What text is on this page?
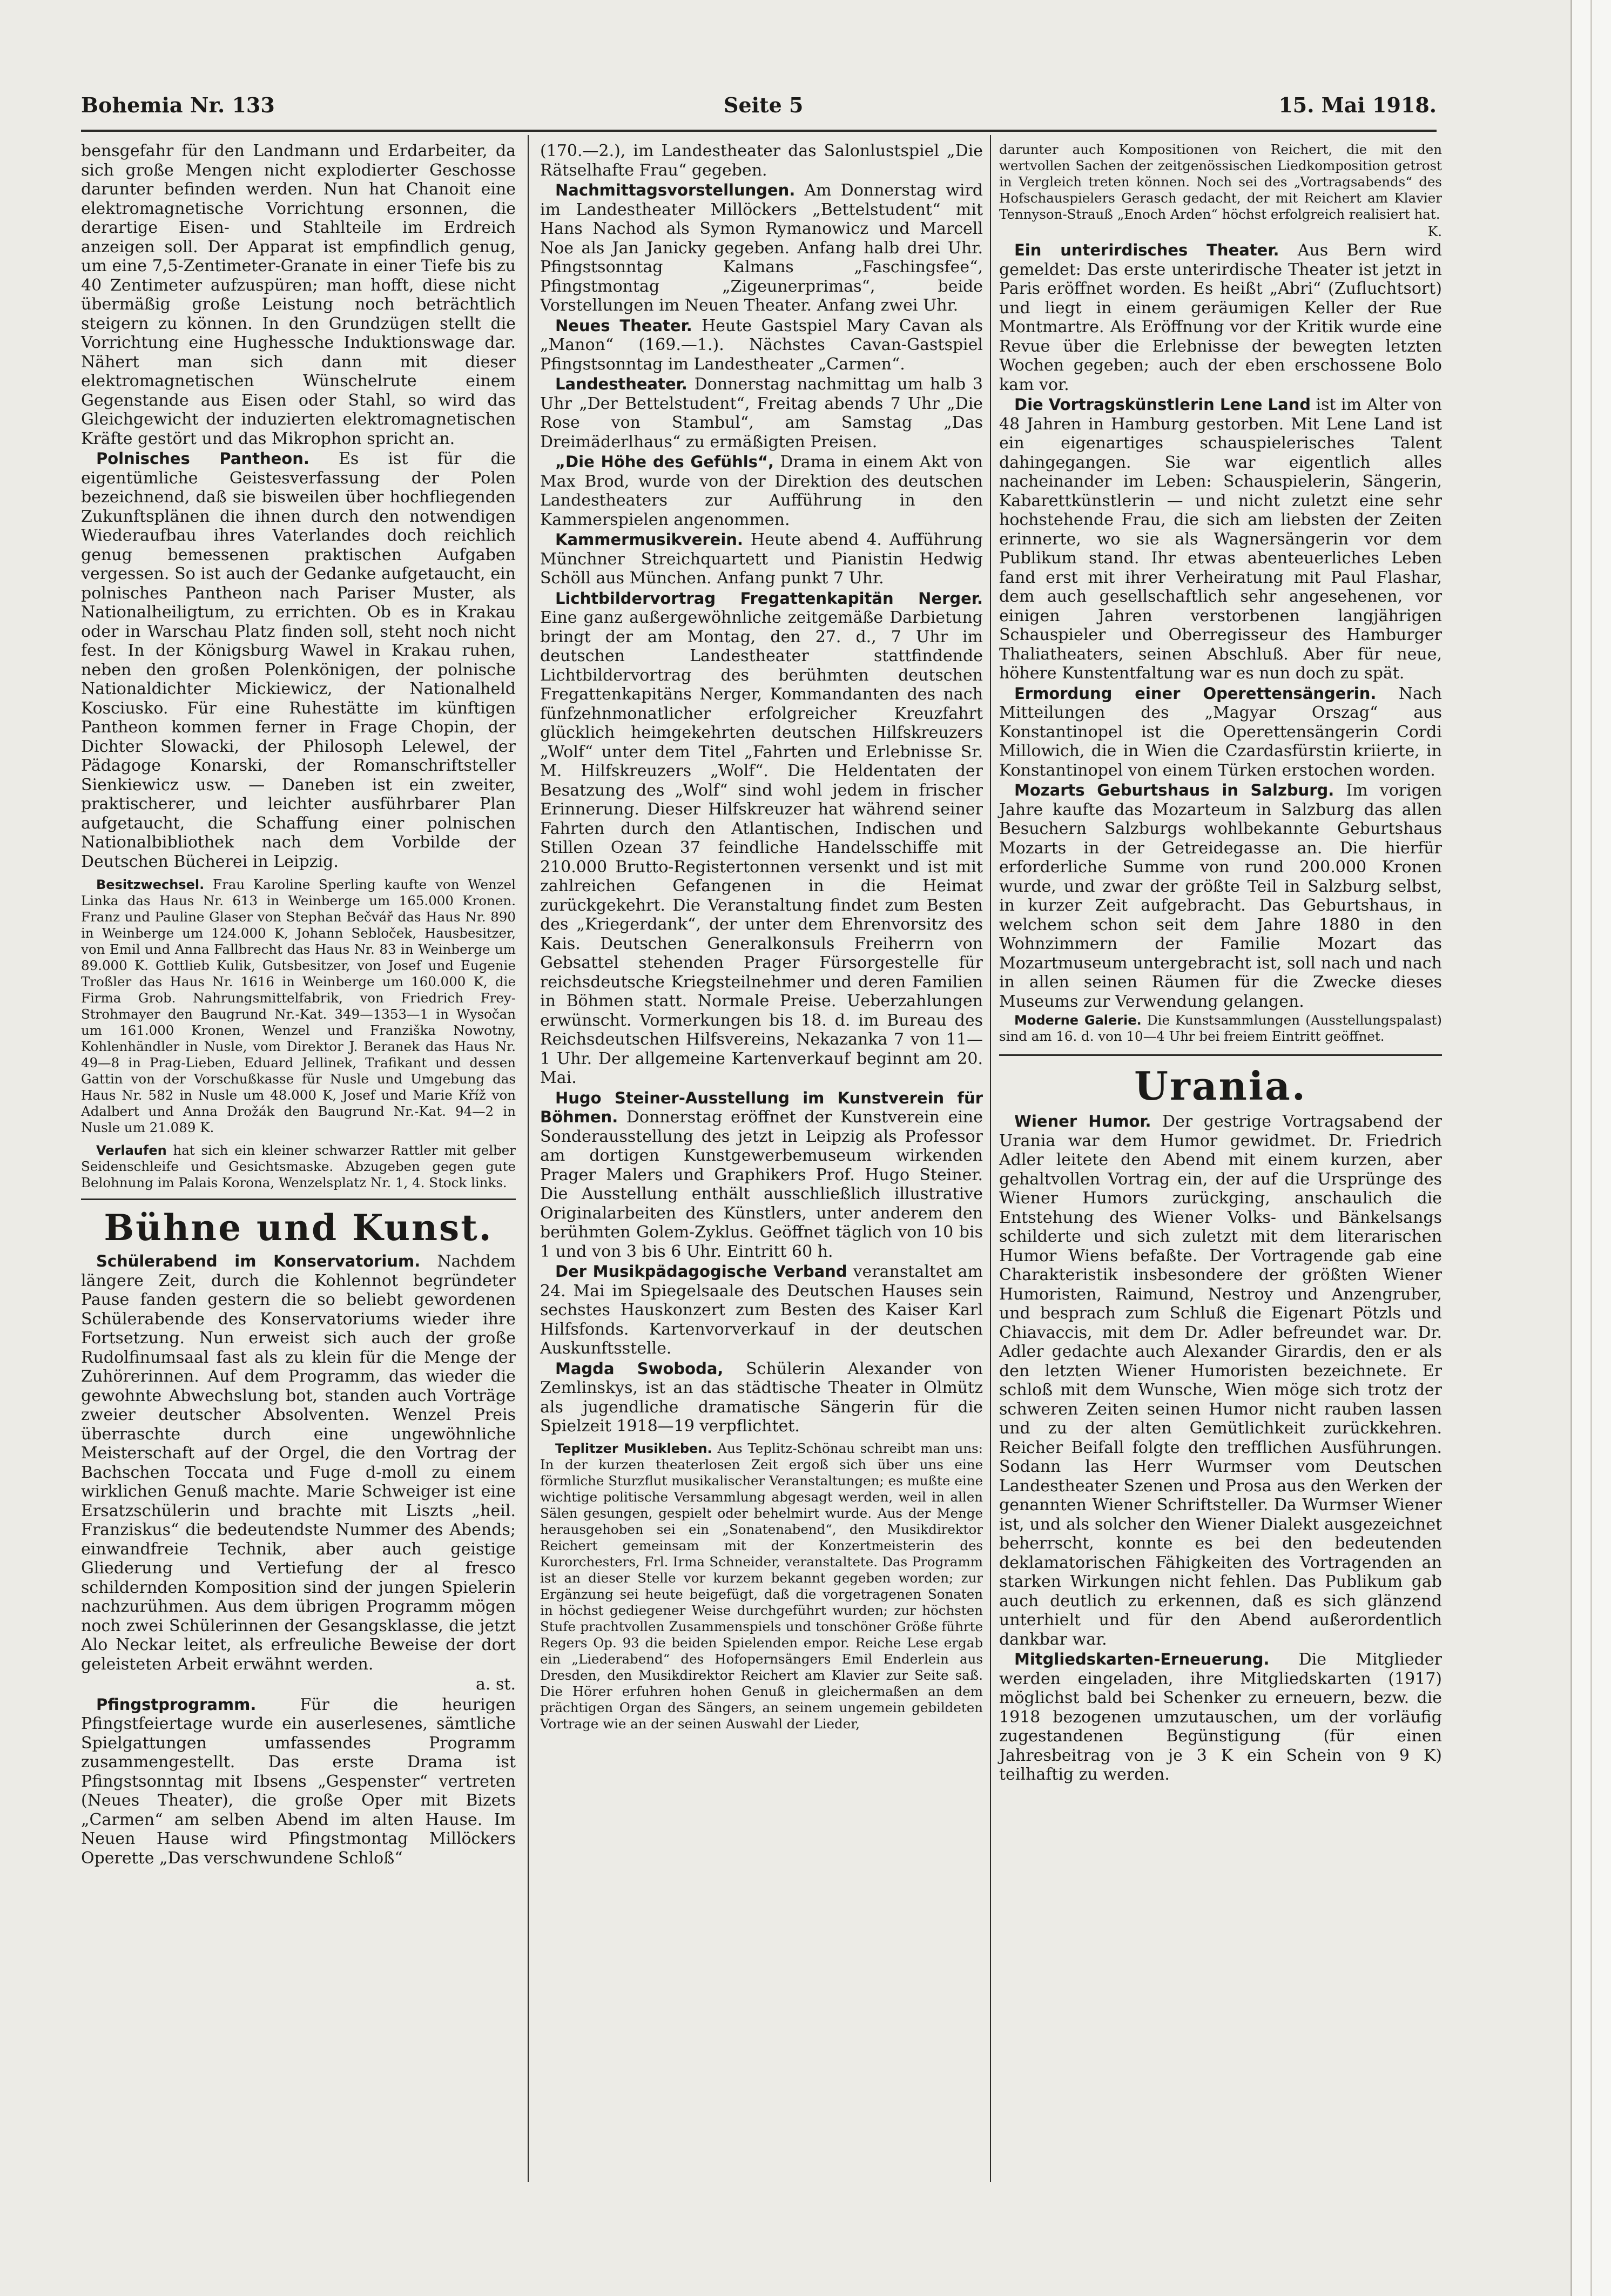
Bohemia Nr. 133	Seite 5	15. Mai 1918.

bensgefahr für den Landmann und Erdarbeiter, da sich große Mengen nicht explodierter Geschosse darunter befinden werden. Nun hat Chanoit eine elektromagnetische Vorrichtung ersonnen, die derartige Eisen- und Stahlteile im Erdreich anzeigen soll. Der Apparat ist empfindlich genug, um eine 7,5-Zentimeter-Granate in einer Tiefe bis zu 40 Zentimeter aufzuspüren; man hofft, diese nicht übermäßig große Leistung noch beträchtlich steigern zu können. In den Grundzügen stellt die Vorrichtung eine Hughessche Induktionswage dar. Nähert man sich dann mit dieser elektromagnetischen Wünschelrute einem Gegenstande aus Eisen oder Stahl, so wird das Gleichgewicht der induzierten elektromagnetischen Kräfte gestört und das Mikrophon spricht an.

Polnisches Pantheon. Es ist für die eigentümliche Geistesverfassung der Polen bezeichnend, daß sie bisweilen über hochfliegenden Zukunftsplänen die ihnen durch den notwendigen Wiederaufbau ihres Vaterlandes doch reichlich genug bemessenen praktischen Aufgaben vergessen. So ist auch der Gedanke aufgetaucht, ein polnisches Pantheon nach Pariser Muster, als Nationalheiligtum, zu errichten. Ob es in Krakau oder in Warschau Platz finden soll, steht noch nicht fest. In der Königsburg Wawel in Krakau ruhen, neben den großen Polenkönigen, der polnische Nationaldichter Mickiewicz, der Nationalheld Kosciusko. Für eine Ruhestätte im künftigen Pantheon kommen ferner in Frage Chopin, der Dichter Slowacki, der Philosoph Lelewel, der Pädagoge Konarski, der Romanschriftsteller Sienkiewicz usw. — Daneben ist ein zweiter, praktischerer, und leichter ausführbarer Plan aufgetaucht, die Schaffung einer polnischen Nationalbibliothek nach dem Vorbilde der Deutschen Bücherei in Leipzig.

Besitzwechsel. Frau Karoline Sperling kaufte von Wenzel Linka das Haus Nr. 613 in Weinberge um 165.000 Kronen. Franz und Pauline Glaser von Stephan Bečvář das Haus Nr. 890 in Weinberge um 124.000 K, Johann Sebloček, Hausbesitzer, von Emil und Anna Fallbrecht das Haus Nr. 83 in Weinberge um 89.000 K. Gottlieb Kulik, Gutsbesitzer, von Josef und Eugenie Troßler das Haus Nr. 1616 in Weinberge um 160.000 K, die Firma Grob. Nahrungsmittelfabrik, von Friedrich Frey-Strohmayer den Baugrund Nr.-Kat. 349—1353—1 in Wysočan um 161.000 Kronen, Wenzel und Franziška Nowotny, Kohlenhändler in Nusle, vom Direktor J. Beranek das Haus Nr. 49—8 in Prag-Lieben, Eduard Jellinek, Trafikant und dessen Gattin von der Vorschußkasse für Nusle und Umgebung das Haus Nr. 582 in Nusle um 48.000 K, Josef und Marie Kříž von Adalbert und Anna Drožák den Baugrund Nr.-Kat. 94—2 in Nusle um 21.089 K.

Verlaufen hat sich ein kleiner schwarzer Rattler mit gelber Seidenschleife und Gesichtsmaske. Abzugeben gegen gute Belohnung im Palais Korona, Wenzelsplatz Nr. 1, 4. Stock links.

Bühne und Kunst.

Schülerabend im Konservatorium. Nachdem längere Zeit, durch die Kohlennot begründeter Pause fanden gestern die so beliebt gewordenen Schülerabende des Konservatoriums wieder ihre Fortsetzung. Nun erweist sich auch der große Rudolfinumsaal fast als zu klein für die Menge der Zuhörerinnen. Auf dem Programm, das wieder die gewohnte Abwechslung bot, standen auch Vorträge zweier deutscher Absolventen. Wenzel Preis überraschte durch eine ungewöhnliche Meisterschaft auf der Orgel, die den Vortrag der Bachschen Toccata und Fuge d-moll zu einem wirklichen Genuß machte. Marie Schweiger ist eine Ersatzschülerin und brachte mit Liszts „heil. Franziskus“ die bedeutendste Nummer des Abends; einwandfreie Technik, aber auch geistige Gliederung und Vertiefung der al fresco schildernden Komposition sind der jungen Spielerin nachzurühmen. Aus dem übrigen Programm mögen noch zwei Schülerinnen der Gesangsklasse, die jetzt Alo Neckar leitet, als erfreuliche Beweise der dort geleisteten Arbeit erwähnt werden.

a. st.

Pfingstprogramm. Für die heurigen Pfingstfeiertage wurde ein auserlesenes, sämtliche Spielgattungen umfassendes Programm zusammengestellt. Das erste Drama ist Pfingstsonntag mit Ibsens „Gespenster“ vertreten (Neues Theater), die große Oper mit Bizets „Carmen“ am selben Abend im alten Hause. Im Neuen Hause wird Pfingstmontag Millöckers Operette „Das verschwundene Schloß“

(170.—2.), im Landestheater das Salonlustspiel „Die Rätselhafte Frau“ gegeben.

Nachmittagsvorstellungen. Am Donnerstag wird im Landestheater Millöckers „Bettelstudent“ mit Hans Nachod als Symon Rymanowicz und Marcell Noe als Jan Janicky gegeben. Anfang halb drei Uhr. Pfingstsonntag Kalmans „Faschingsfee“, Pfingstmontag „Zigeunerprimas“, beide Vorstellungen im Neuen Theater. Anfang zwei Uhr.

Neues Theater. Heute Gastspiel Mary Cavan als „Manon“ (169.—1.). Nächstes Cavan-Gastspiel Pfingstsonntag im Landestheater „Carmen“.

Landestheater. Donnerstag nachmittag um halb 3 Uhr „Der Bettelstudent“, Freitag abends 7 Uhr „Die Rose von Stambul“, am Samstag „Das Dreimäderlhaus“ zu ermäßigten Preisen.

„Die Höhe des Gefühls“, Drama in einem Akt von Max Brod, wurde von der Direktion des deutschen Landestheaters zur Aufführung in den Kammerspielen angenommen.

Kammermusikverein. Heute abend 4. Aufführung Münchner Streichquartett und Pianistin Hedwig Schöll aus München. Anfang punkt 7 Uhr.

Lichtbildervortrag Fregattenkapitän Nerger. Eine ganz außergewöhnliche zeitgemäße Darbietung bringt der am Montag, den 27. d., 7 Uhr im deutschen Landestheater stattfindende Lichtbildervortrag des berühmten deutschen Fregattenkapitäns Nerger, Kommandanten des nach fünfzehnmonatlicher erfolgreicher Kreuzfahrt glücklich heimgekehrten deutschen Hilfskreuzers „Wolf“ unter dem Titel „Fahrten und Erlebnisse Sr. M. Hilfskreuzers „Wolf“. Die Heldentaten der Besatzung des „Wolf“ sind wohl jedem in frischer Erinnerung. Dieser Hilfskreuzer hat während seiner Fahrten durch den Atlantischen, Indischen und Stillen Ozean 37 feindliche Handelsschiffe mit 210.000 Brutto-Registertonnen versenkt und ist mit zahlreichen Gefangenen in die Heimat zurückgekehrt. Die Veranstaltung findet zum Besten des „Kriegerdank“, der unter dem Ehrenvorsitz des Kais. Deutschen Generalkonsuls Freiherrn von Gebsattel stehenden Prager Fürsorgestelle für reichsdeutsche Kriegsteilnehmer und deren Familien in Böhmen statt. Normale Preise. Ueberzahlungen erwünscht. Vormerkungen bis 18. d. im Bureau des Reichsdeutschen Hilfsvereins, Nekazanka 7 von 11—1 Uhr. Der allgemeine Kartenverkauf beginnt am 20. Mai.

Hugo Steiner-Ausstellung im Kunstverein für Böhmen. Donnerstag eröffnet der Kunstverein eine Sonderausstellung des jetzt in Leipzig als Professor am dortigen Kunstgewerbemuseum wirkenden Prager Malers und Graphikers Prof. Hugo Steiner. Die Ausstellung enthält ausschließlich illustrative Originalarbeiten des Künstlers, unter anderem den berühmten Golem-Zyklus. Geöffnet täglich von 10 bis 1 und von 3 bis 6 Uhr. Eintritt 60 h.

Der Musikpädagogische Verband veranstaltet am 24. Mai im Spiegelsaale des Deutschen Hauses sein sechstes Hauskonzert zum Besten des Kaiser Karl Hilfsfonds. Kartenvorverkauf in der deutschen Auskunftsstelle.

Magda Swoboda, Schülerin Alexander von Zemlinskys, ist an das städtische Theater in Olmütz als jugendliche dramatische Sängerin für die Spielzeit 1918—19 verpflichtet.

Teplitzer Musikleben. Aus Teplitz-Schönau schreibt man uns: In der kurzen theaterlosen Zeit ergoß sich über uns eine förmliche Sturzflut musikalischer Veranstaltungen; es mußte eine wichtige politische Versammlung abgesagt werden, weil in allen Sälen gesungen, gespielt oder behelmirt wurde. Aus der Menge herausgehoben sei ein „Sonatenabend“, den Musikdirektor Reichert gemeinsam mit der Konzertmeisterin des Kurorchesters, Frl. Irma Schneider, veranstaltete. Das Programm ist an dieser Stelle vor kurzem bekannt gegeben worden; zur Ergänzung sei heute beigefügt, daß die vorgetragenen Sonaten in höchst gediegener Weise durchgeführt wurden; zur höchsten Stufe prachtvollen Zusammenspiels und tonschöner Größe führte Regers Op. 93 die beiden Spielenden empor. Reiche Lese ergab ein „Liederabend“ des Hofopernsängers Emil Enderlein aus Dresden, den Musikdirektor Reichert am Klavier zur Seite saß. Die Hörer erfuhren hohen Genuß in gleichermaßen an dem prächtigen Organ des Sängers, an seinem ungemein gebildeten Vortrage wie an der seinen Auswahl der Lieder,

darunter auch Kompositionen von Reichert, die mit den wertvollen Sachen der zeitgenössischen Liedkomposition getrost in Vergleich treten können. Noch sei des „Vortragsabends“ des Hofschauspielers Gerasch gedacht, der mit Reichert am Klavier Tennyson-Strauß „Enoch Arden“ höchst erfolgreich realisiert hat.

K.

Ein unterirdisches Theater. Aus Bern wird gemeldet: Das erste unterirdische Theater ist jetzt in Paris eröffnet worden. Es heißt „Abri“ (Zufluchtsort) und liegt in einem geräumigen Keller der Rue Montmartre. Als Eröffnung vor der Kritik wurde eine Revue über die Erlebnisse der bewegten letzten Wochen gegeben; auch der eben erschossene Bolo kam vor.

Die Vortragskünstlerin Lene Land ist im Alter von 48 Jahren in Hamburg gestorben. Mit Lene Land ist ein eigenartiges schauspielerisches Talent dahingegangen. Sie war eigentlich alles nacheinander im Leben: Schauspielerin, Sängerin, Kabarettkünstlerin — und nicht zuletzt eine sehr hochstehende Frau, die sich am liebsten der Zeiten erinnerte, wo sie als Wagnersängerin vor dem Publikum stand. Ihr etwas abenteuerliches Leben fand erst mit ihrer Verheiratung mit Paul Flashar, dem auch gesellschaftlich sehr angesehenen, vor einigen Jahren verstorbenen langjährigen Schauspieler und Oberregisseur des Hamburger Thaliatheaters, seinen Abschluß. Aber für neue, höhere Kunstentfaltung war es nun doch zu spät.

Ermordung einer Operettensängerin. Nach Mitteilungen des „Magyar Orszag“ aus Konstantinopel ist die Operettensängerin Cordi Millowich, die in Wien die Czardasfürstin kriierte, in Konstantinopel von einem Türken erstochen worden.

Mozarts Geburtshaus in Salzburg. Im vorigen Jahre kaufte das Mozarteum in Salzburg das allen Besuchern Salzburgs wohlbekannte Geburtshaus Mozarts in der Getreidegasse an. Die hierfür erforderliche Summe von rund 200.000 Kronen wurde, und zwar der größte Teil in Salzburg selbst, in kurzer Zeit aufgebracht. Das Geburtshaus, in welchem schon seit dem Jahre 1880 in den Wohnzimmern der Familie Mozart das Mozartmuseum untergebracht ist, soll nach und nach in allen seinen Räumen für die Zwecke dieses Museums zur Verwendung gelangen.

Moderne Galerie. Die Kunstsammlungen (Ausstellungspalast) sind am 16. d. von 10—4 Uhr bei freiem Eintritt geöffnet.

Urania.

Wiener Humor. Der gestrige Vortragsabend der Urania war dem Humor gewidmet. Dr. Friedrich Adler leitete den Abend mit einem kurzen, aber gehaltvollen Vortrag ein, der auf die Ursprünge des Wiener Humors zurückging, anschaulich die Entstehung des Wiener Volks- und Bänkelsangs schilderte und sich zuletzt mit dem literarischen Humor Wiens befaßte. Der Vortragende gab eine Charakteristik insbesondere der größten Wiener Humoristen, Raimund, Nestroy und Anzengruber, und besprach zum Schluß die Eigenart Pötzls und Chiavaccis, mit dem Dr. Adler befreundet war. Dr. Adler gedachte auch Alexander Girardis, den er als den letzten Wiener Humoristen bezeichnete. Er schloß mit dem Wunsche, Wien möge sich trotz der schweren Zeiten seinen Humor nicht rauben lassen und zu der alten Gemütlichkeit zurückkehren. Reicher Beifall folgte den trefflichen Ausführungen. Sodann las Herr Wurmser vom Deutschen Landestheater Szenen und Prosa aus den Werken der genannten Wiener Schriftsteller. Da Wurmser Wiener ist, und als solcher den Wiener Dialekt ausgezeichnet beherrscht, konnte es bei den bedeutenden deklamatorischen Fähigkeiten des Vortragenden an starken Wirkungen nicht fehlen. Das Publikum gab auch deutlich zu erkennen, daß es sich glänzend unterhielt und für den Abend außerordentlich dankbar war.

Mitgliedskarten-Erneuerung. Die Mitglieder werden eingeladen, ihre Mitgliedskarten (1917) möglichst bald bei Schenker zu erneuern, bezw. die 1918 bezogenen umzutauschen, um der vorläufig zugestandenen Begünstigung (für einen Jahresbeitrag von je 3 K ein Schein von 9 K) teilhaftig zu werden.
